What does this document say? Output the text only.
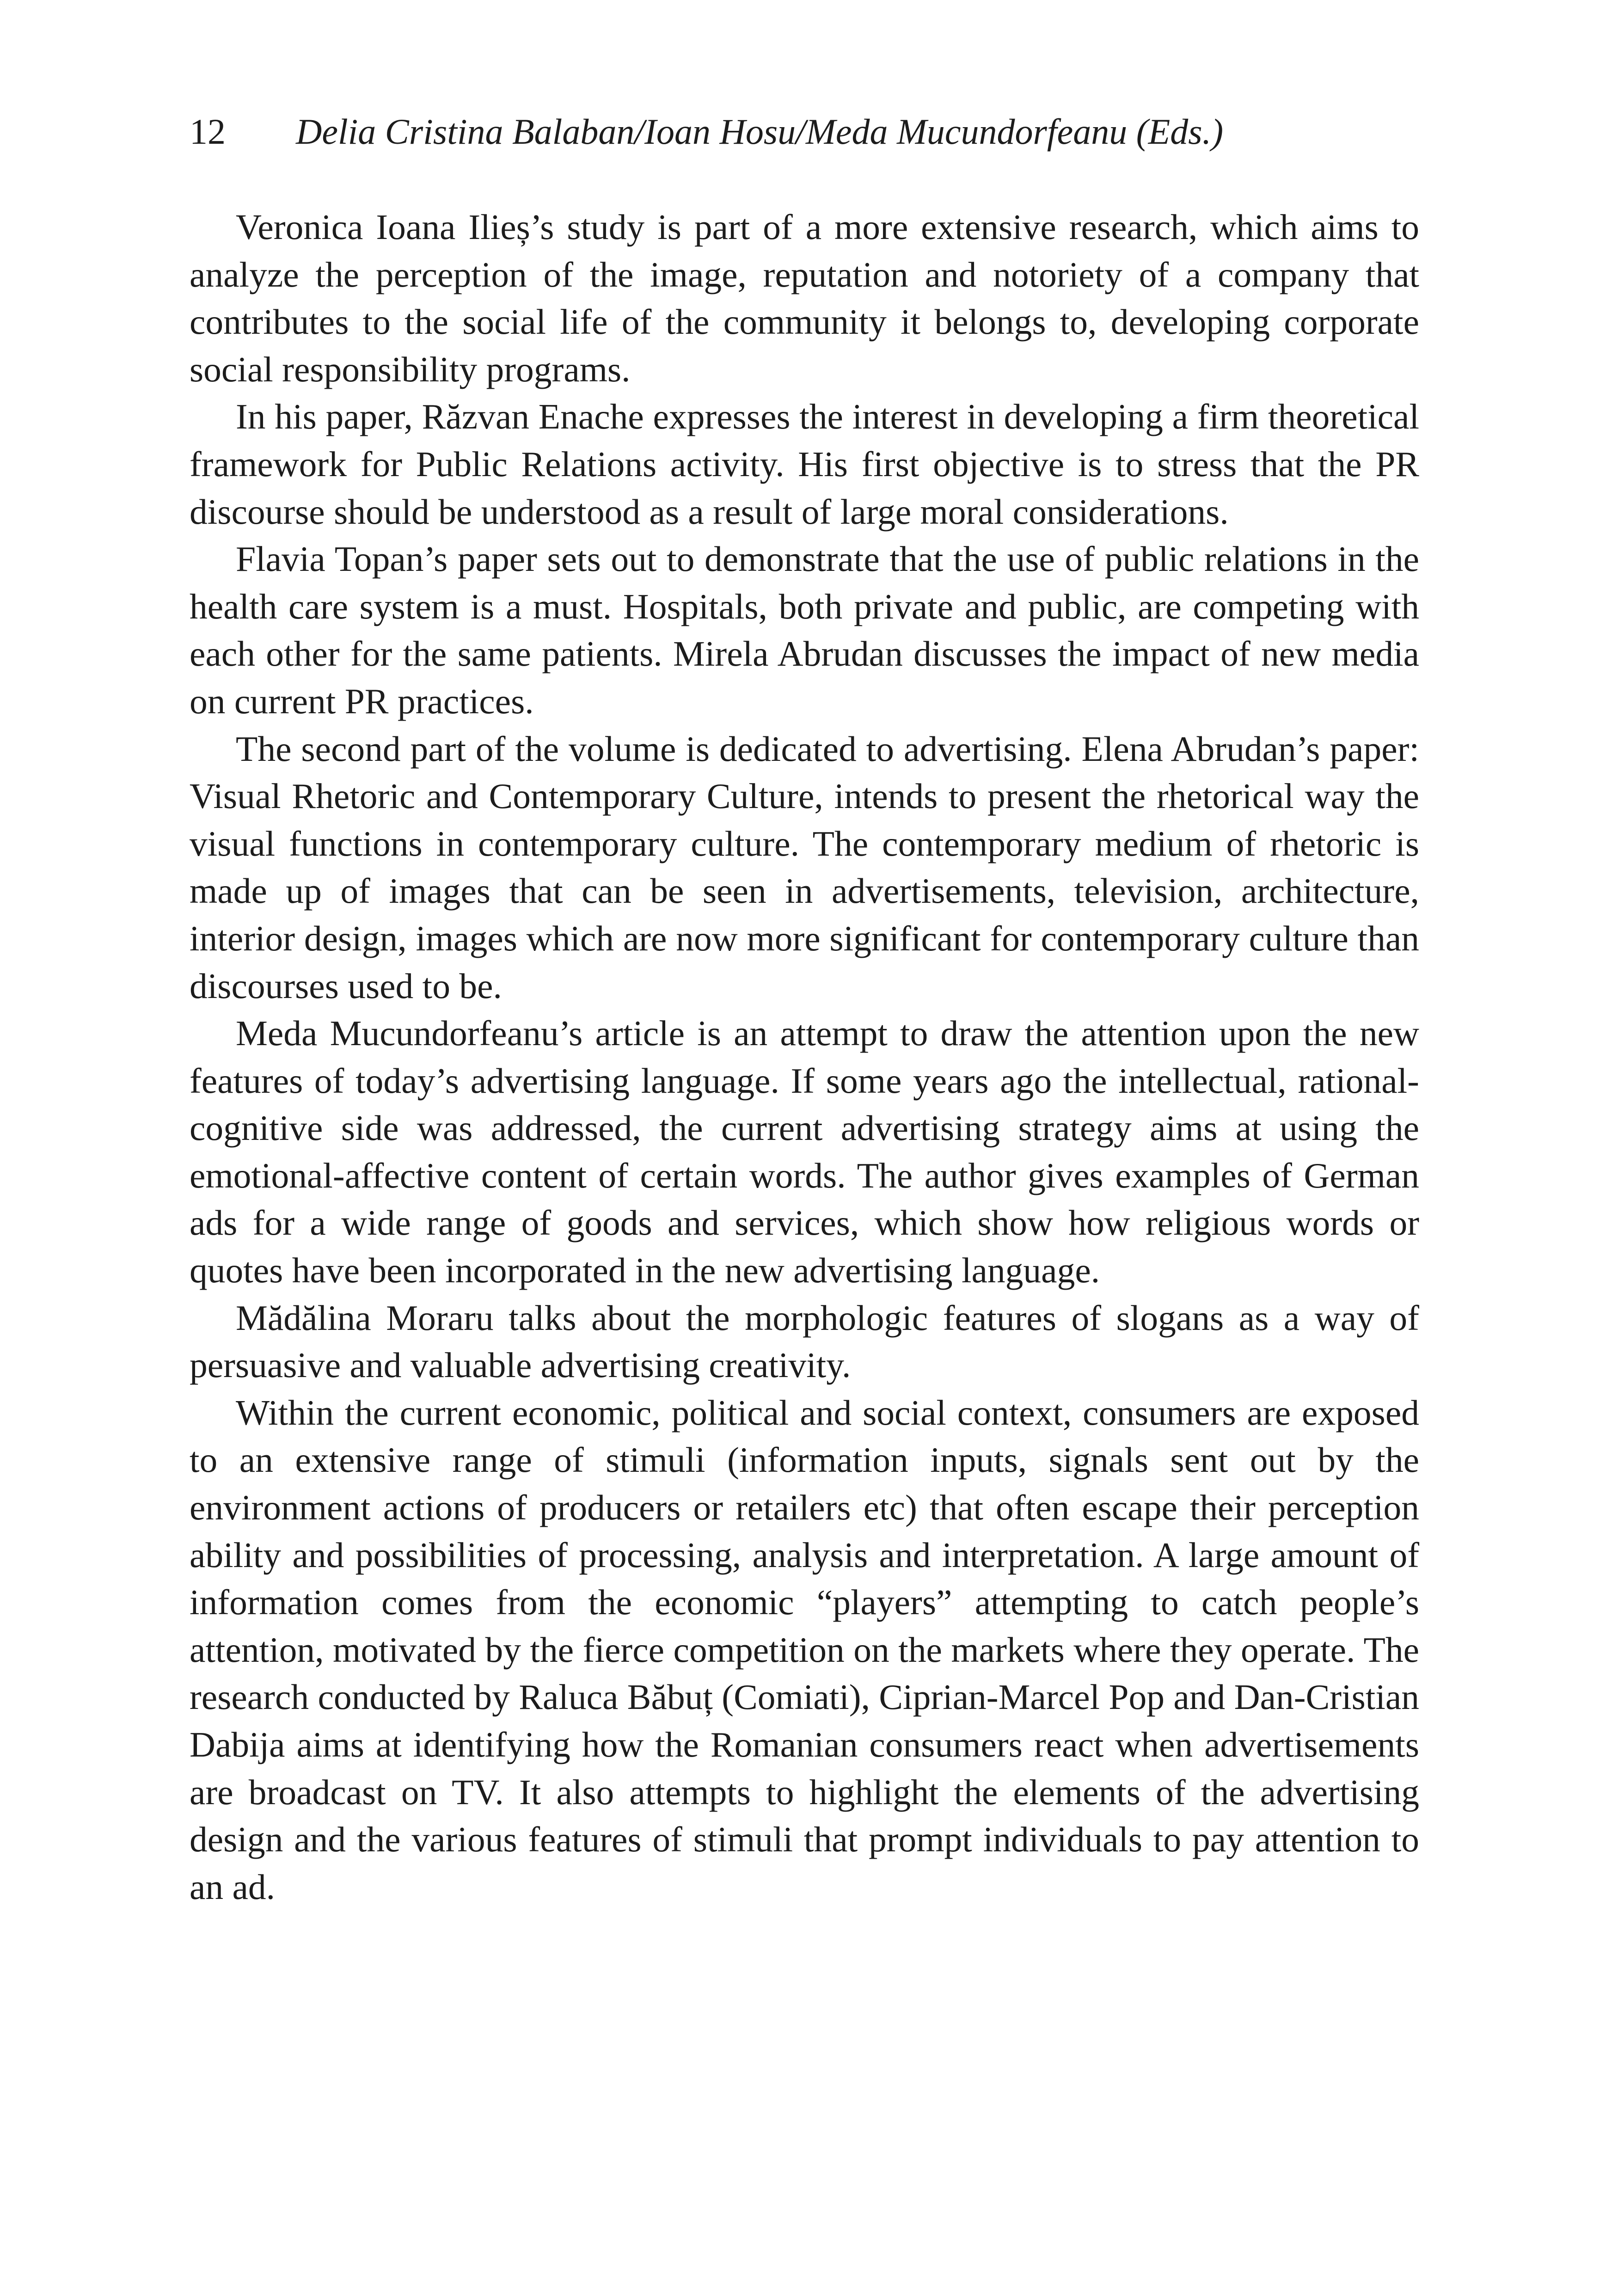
12 Delia Cristina Balaban/Ioan Hosu/Meda Mucundorfeanu (Eds.)

Veronica Ioana Ilieș’s study is part of a more extensive research, which aims to analyze the perception of the image, reputation and notoriety of a company that contributes to the social life of the community it belongs to, developing corporate social responsibility programs.

In his paper, Răzvan Enache expresses the interest in developing a firm theoretical framework for Public Relations activity. His first objective is to stress that the PR discourse should be understood as a result of large moral considerations.

Flavia Topan’s paper sets out to demonstrate that the use of public relations in the health care system is a must. Hospitals, both private and public, are competing with each other for the same patients. Mirela Abrudan discusses the impact of new media on current PR practices.

The second part of the volume is dedicated to advertising. Elena Abrudan’s paper: Visual Rhetoric and Contemporary Culture, intends to present the rhetorical way the visual functions in contemporary culture. The contemporary medium of rhetoric is made up of images that can be seen in advertisements, television, architecture, interior design, images which are now more significant for contemporary culture than discourses used to be.

Meda Mucundorfeanu’s article is an attempt to draw the attention upon the new features of today’s advertising language. If some years ago the intellectual, rational-cognitive side was addressed, the current advertising strategy aims at using the emotional-affective content of certain words. The author gives examples of German ads for a wide range of goods and services, which show how religious words or quotes have been incorporated in the new advertising language.

Mădălina Moraru talks about the morphologic features of slogans as a way of persuasive and valuable advertising creativity.

Within the current economic, political and social context, consumers are exposed to an extensive range of stimuli (information inputs, signals sent out by the environment actions of producers or retailers etc) that often escape their perception ability and possibilities of processing, analysis and interpretation. A large amount of information comes from the economic “players” attempting to catch people’s attention, motivated by the fierce competition on the markets where they operate. The research conducted by Raluca Băbuț (Comiati), Ciprian-Marcel Pop and Dan-Cristian Dabija aims at identifying how the Romanian consumers react when advertisements are broadcast on TV. It also attempts to highlight the elements of the advertising design and the various features of stimuli that prompt individuals to pay attention to an ad.
